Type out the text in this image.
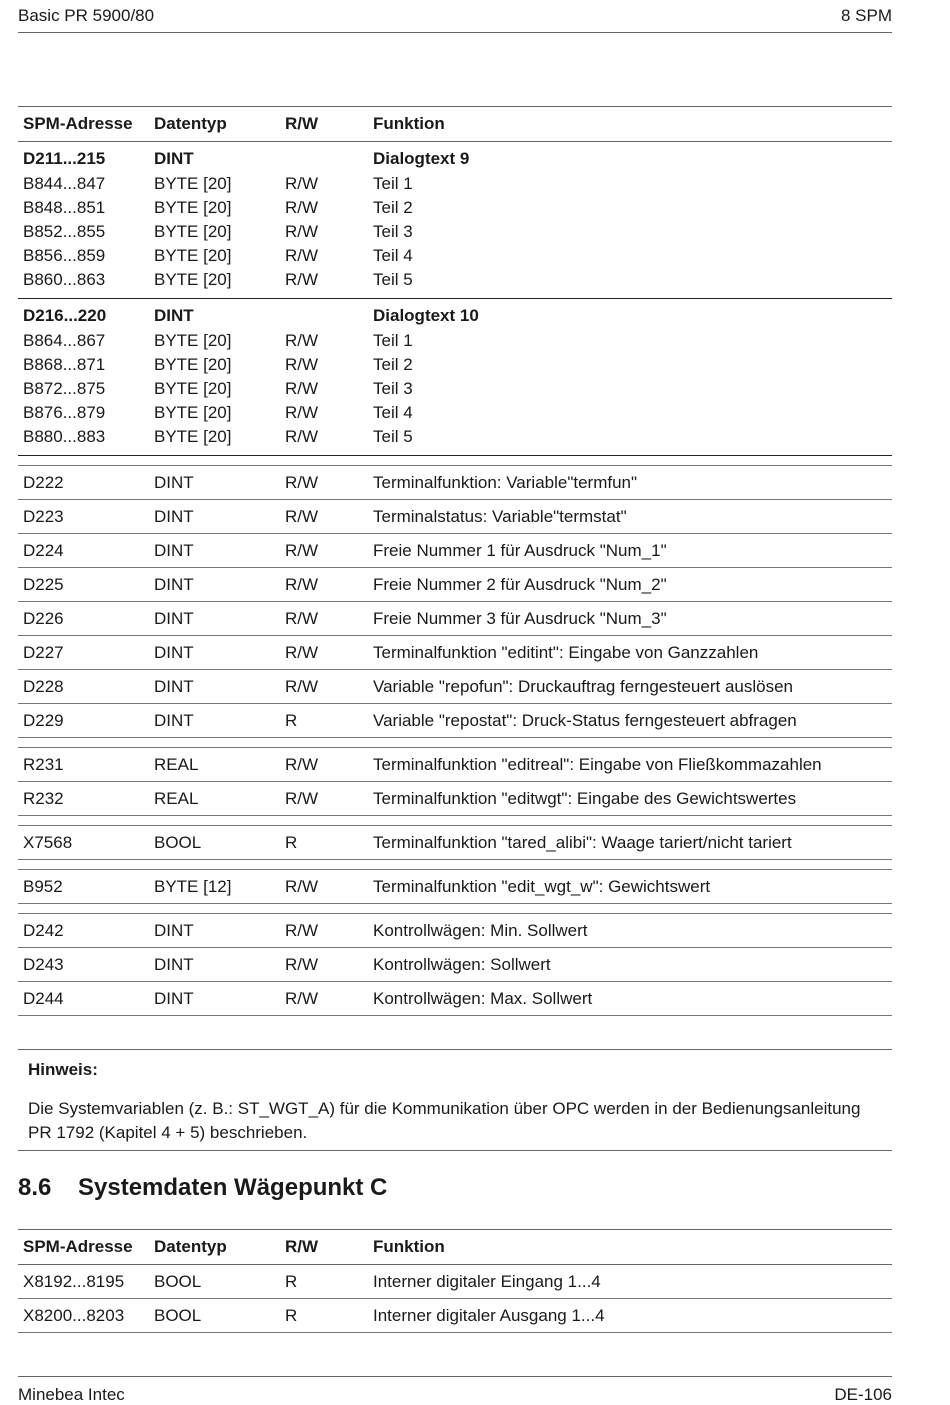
Basic PR 5900/80	8 SPM
SPM-Adresse	Datentyp	R/W	Funktion
D211...215	DINT		Dialogtext 9
B844...847	BYTE [20]	R/W	Teil 1
B848...851	BYTE [20]	R/W	Teil 2
B852...855	BYTE [20]	R/W	Teil 3
B856...859	BYTE [20]	R/W	Teil 4
B860...863	BYTE [20]	R/W	Teil 5
D216...220	DINT		Dialogtext 10
B864...867	BYTE [20]	R/W	Teil 1
B868...871	BYTE [20]	R/W	Teil 2
B872...875	BYTE [20]	R/W	Teil 3
B876...879	BYTE [20]	R/W	Teil 4
B880...883	BYTE [20]	R/W	Teil 5

D222	DINT	R/W	Terminalfunktion: Variable"termfun"
D223	DINT	R/W	Terminalstatus: Variable"termstat"
D224	DINT	R/W	Freie Nummer 1 für Ausdruck "Num_1"
D225	DINT	R/W	Freie Nummer 2 für Ausdruck "Num_2"
D226	DINT	R/W	Freie Nummer 3 für Ausdruck "Num_3"
D227	DINT	R/W	Terminalfunktion "editint": Eingabe von Ganzzahlen
D228	DINT	R/W	Variable "repofun": Druckauftrag ferngesteuert auslösen
D229	DINT	R	Variable "repostat": Druck-Status ferngesteuert abfragen

R231	REAL	R/W	Terminalfunktion "editreal": Eingabe von Fließkommazahlen
R232	REAL	R/W	Terminalfunktion "editwgt": Eingabe des Gewichtswertes

X7568	BOOL	R	Terminalfunktion "tared_alibi": Waage tariert/nicht tariert

B952	BYTE [12]	R/W	Terminalfunktion "edit_wgt_w": Gewichtswert

D242	DINT	R/W	Kontrollwägen: Min. Sollwert
D243	DINT	R/W	Kontrollwägen: Sollwert
D244	DINT	R/W	Kontrollwägen: Max. Sollwert
Hinweis:
Die Systemvariablen (z. B.: ST_WGT_A) für die Kommunikation über OPC werden in der Bedienungsanleitung PR 1792 (Kapitel 4 + 5) beschrieben.
8.6 Systemdaten Wägepunkt C
SPM-Adresse	Datentyp	R/W	Funktion
X8192...8195	BOOL	R	Interner digitaler Eingang 1...4
X8200...8203	BOOL	R	Interner digitaler Ausgang 1...4
Minebea Intec	DE-106
